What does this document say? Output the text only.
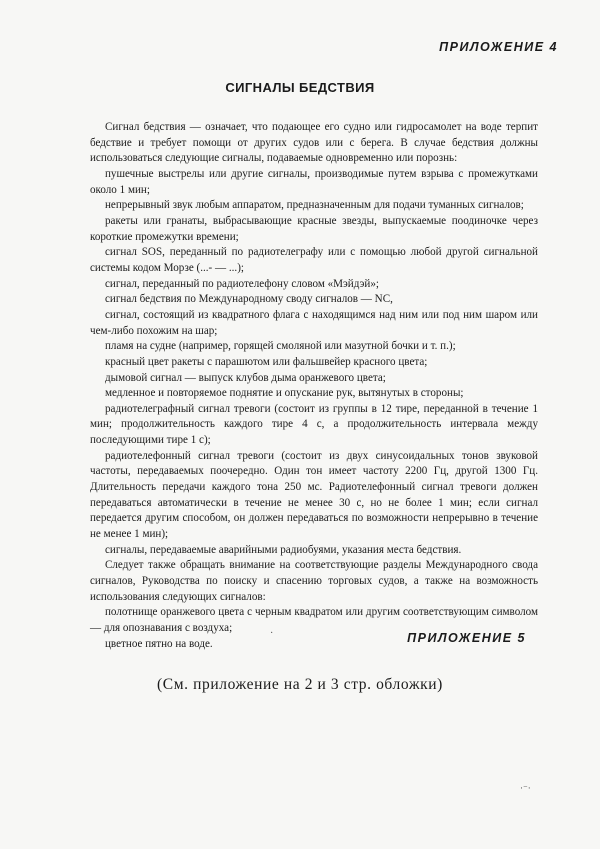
ПРИЛОЖЕНИЕ 4
СИГНАЛЫ БЕДСТВИЯ

Сигнал бедствия — означает, что подающее его судно или гидросамолет на воде терпит бедствие и требует помощи от других судов или с берега. В случае бедствия должны использоваться следующие сигналы, подаваемые одновременно или порознь:

пушечные выстрелы или другие сигналы, производимые путем взрыва с промежутками около 1 мин;

непрерывный звук любым аппаратом, предназначенным для подачи туманных сигналов;

ракеты или гранаты, выбрасывающие красные звезды, выпускаемые поодиночке через короткие промежутки времени;

сигнал SOS, переданный по радиотелеграфу или с помощью любой другой сигнальной системы кодом Морзе (...- — ...);

сигнал, переданный по радиотелефону словом «Мэйдэй»;

сигнал бедствия по Международному своду сигналов — NC,

сигнал, состоящий из квадратного флага с находящимся над ним или под ним шаром или чем-либо похожим на шар;

пламя на судне (например, горящей смоляной или мазутной бочки и т. п.);

красный цвет ракеты с парашютом или фальшвейер красного цвета;

дымовой сигнал — выпуск клубов дыма оранжевого цвета;

медленное и повторяемое поднятие и опускание рук, вытянутых в стороны;

радиотелеграфный сигнал тревоги (состоит из группы в 12 тире, переданной в течение 1 мин; продолжительность каждого тире 4 с, а продолжительность интервала между последующими тире 1 с);

радиотелефонный сигнал тревоги (состоит из двух синусоидальных тонов звуковой частоты, передаваемых поочередно. Один тон имеет частоту 2200 Гц, другой 1300 Гц. Длительность передачи каждого тона 250 мс. Радиотелефонный сигнал тревоги должен передаваться автоматически в течение не менее 30 с, но не более 1 мин; если сигнал передается другим способом, он должен передаваться по возможности непрерывно в течение не менее 1 мин);

сигналы, передаваемые аварийными радиобуями, указания места бедствия.

Следует также обращать внимание на соответствующие разделы Международного свода сигналов, Руководства по поиску и спасению торговых судов, а также на возможность использования следующих сигналов:

полотнище оранжевого цвета с черным квадратом или другим соответствующим символом — для опознавания с воздуха;

цветное пятно на воде.

·	ПРИЛОЖЕНИЕ 5
(См. приложение на 2 и 3 стр. обложки)
·⁻·
